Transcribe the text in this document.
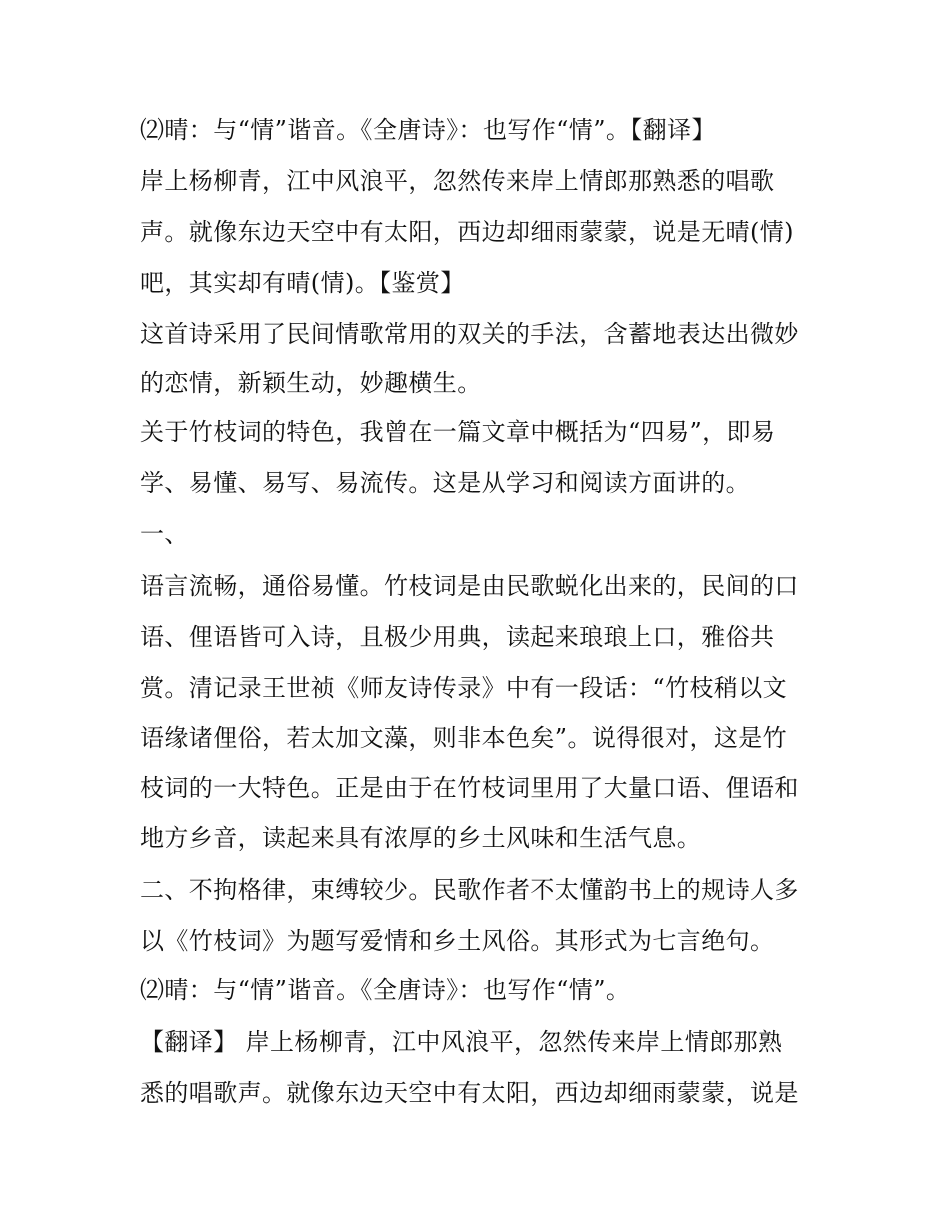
⑵晴：与“情”谐音。《全唐诗》：也写作“情”。【翻译】
岸上杨柳青，江中风浪平，忽然传来岸上情郎那熟悉的唱歌
声。就像东边天空中有太阳，西边却细雨蒙蒙，说是无晴(情)
吧，其实却有晴(情)。【鉴赏】
这首诗采用了民间情歌常用的双关的手法，含蓄地表达出微妙
的恋情，新颖生动，妙趣横生。
关于竹枝词的特色，我曾在一篇文章中概括为“四易”，即易
学、易懂、易写、易流传。这是从学习和阅读方面讲的。
一、
语言流畅，通俗易懂。竹枝词是由民歌蜕化出来的，民间的口
语、俚语皆可入诗，且极少用典，读起来琅琅上口，雅俗共
赏。清记录王世祯《师友诗传录》中有一段话：“竹枝稍以文
语缘诸俚俗，若太加文藻，则非本色矣”。说得很对，这是竹
枝词的一大特色。正是由于在竹枝词里用了大量口语、俚语和
地方乡音，读起来具有浓厚的乡土风味和生活气息。
二、不拘格律，束缚较少。民歌作者不太懂韵书上的规诗人多
以《竹枝词》为题写爱情和乡土风俗。其形式为七言绝句。
⑵晴：与“情”谐音。《全唐诗》：也写作“情”。
【翻译】 岸上杨柳青，江中风浪平，忽然传来岸上情郎那熟
悉的唱歌声。就像东边天空中有太阳，西边却细雨蒙蒙，说是
